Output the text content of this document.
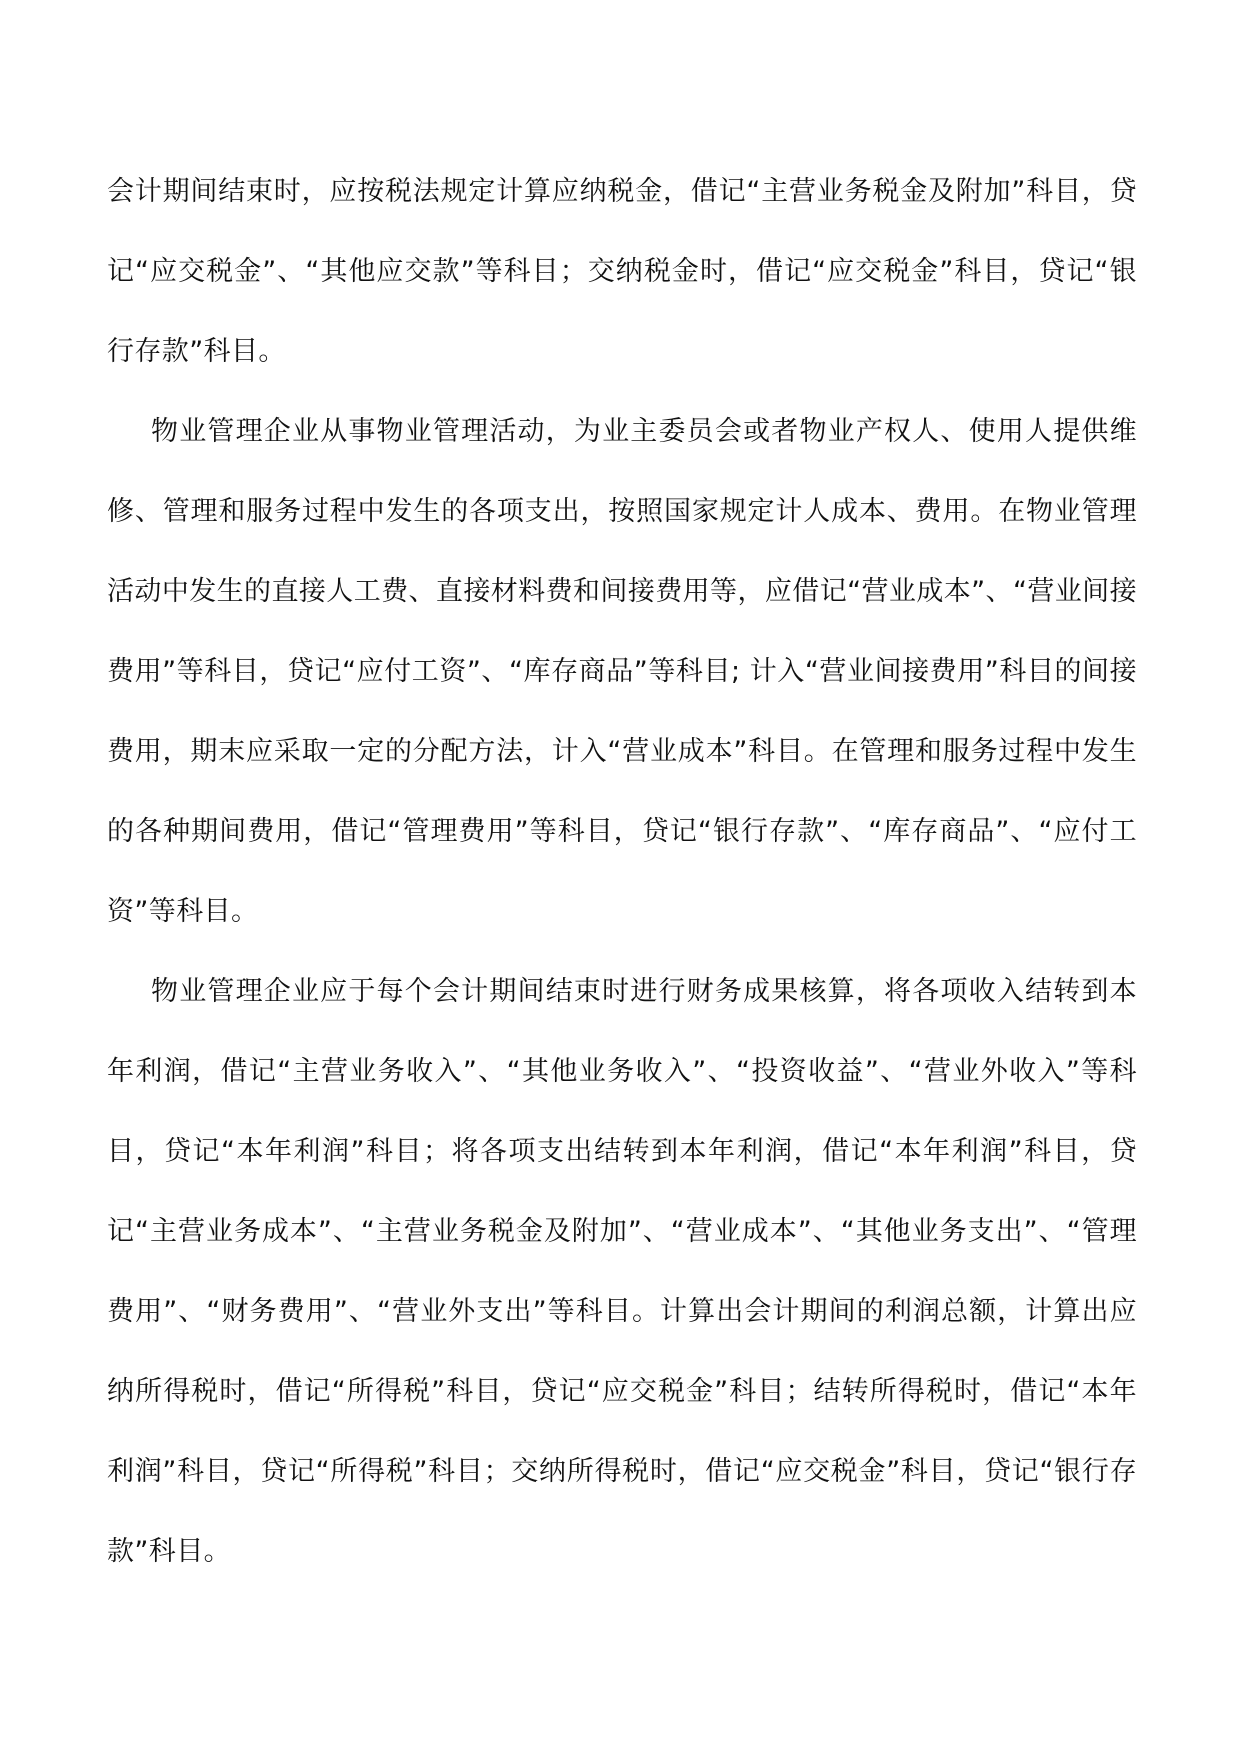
会计期间结束时，应按税法规定计算应纳税金，借记“主营业务税金及附加”科目，贷记“应交税金”、“其他应交款”等科目；交纳税金时，借记“应交税金”科目，贷记“银行存款”科目。

物业管理企业从事物业管理活动，为业主委员会或者物业产权人、使用人提供维修、管理和服务过程中发生的各项支出，按照国家规定计人成本、费用。在物业管理活动中发生的直接人工费、直接材料费和间接费用等，应借记“营业成本”、“营业间接费用”等科目，贷记“应付工资”、“库存商品”等科目; 计入“营业间接费用”科目的间接费用，期末应采取一定的分配方法，计入“营业成本”科目。在管理和服务过程中发生的各种期间费用，借记“管理费用”等科目，贷记“银行存款”、“库存商品”、“应付工资”等科目。

物业管理企业应于每个会计期间结束时进行财务成果核算，将各项收入结转到本年利润，借记“主营业务收入”、“其他业务收入”、“投资收益”、“营业外收入”等科目，贷记“本年利润”科目；将各项支出结转到本年利润，借记“本年利润”科目，贷记“主营业务成本”、“主营业务税金及附加”、“营业成本”、“其他业务支出”、“管理费用”、“财务费用”、“营业外支出”等科目。计算出会计期间的利润总额，计算出应纳所得税时，借记“所得税”科目，贷记“应交税金”科目；结转所得税时，借记“本年利润”科目，贷记“所得税”科目；交纳所得税时，借记“应交税金”科目，贷记“银行存款”科目。
